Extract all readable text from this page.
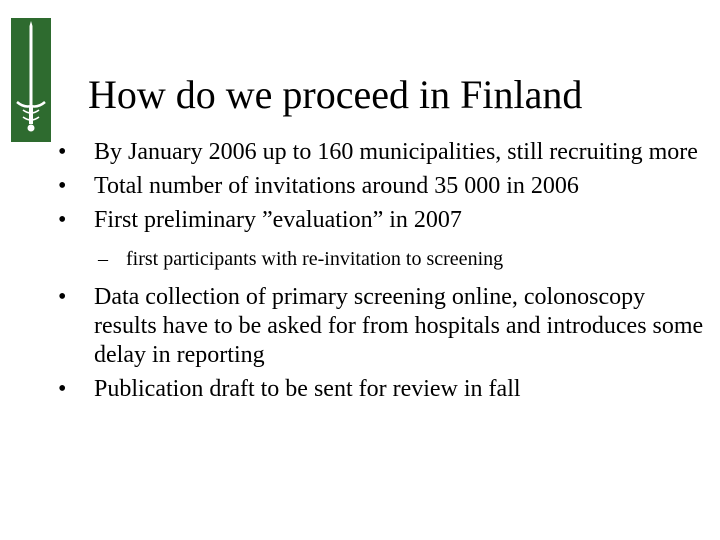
How do we proceed in Finland
•	By January 2006 up to 160 municipalities, still recruiting more
•	Total number of invitations around 35 000 in 2006
•	First preliminary ”evaluation” in 2007
– first participants with re-invitation to screening
•	Data collection of primary screening online, colonoscopy results have to be asked for from hospitals and introduces some delay in reporting
•	Publication draft to be sent for review in fall
